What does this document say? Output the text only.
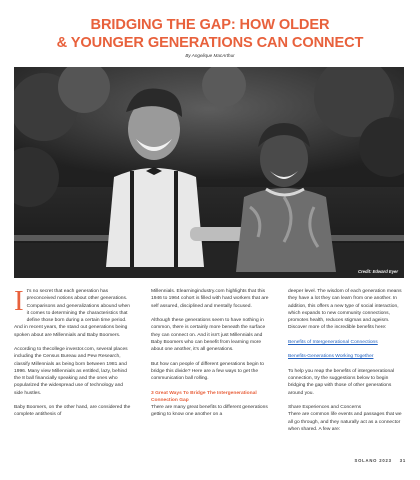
BRIDGING THE GAP: HOW OLDER
& YOUNGER GENERATIONS CAN CONNECT
By Angelique MacArthur
Credit: Edward Eyer

It's no secret that each generation has preconceived notions about other generations. Comparisons and generalizations abound when it comes to determining the characteristics that define those born during a certain time period. And in recent years, the stand out generations being spoken about are Millennials and Baby Boomers.

According to thecollege investor.com, several places including the Census Bureau and Pew Research, classify Millennials as being born between 1981 and 1996. Many view Millennials as entitled, lazy, behind the 8 ball financially speaking and the ones who popularized the widespread use of technology and side hustles.

Baby Boomers, on the other hand, are considered the complete antithesis of

Millennials. Elearningindustry.com highlights that this 1946 to 1964 cohort is filled with hard workers that are self assured, disciplined and mentally focused.

Although these generations seem to have nothing in common, there is certainly more beneath the surface they can connect on. And it isn't just Millennials and Baby Boomers who can benefit from learning more about one another, it's all generations.

But how can people of different generations begin to bridge this divide? Here are a few ways to get the communication ball rolling.

3 Great Ways To Bridge The Intergenerational Connection Gap

There are many great benefits to different generations getting to know one another on a

deeper level. The wisdom of each generation means they have a lot they can learn from one another. In addition, this offers a new type of social interaction, which expands to new community connections, promotes health, reduces stigmas and ageism. Discover more of the incredible benefits here:

Benefits of Intergenerational Connections
Benefits-Generations Working Together

To help you reap the benefits of intergenerational connection, try the suggestions below to begin bridging the gap with those of other generations around you.

Share Experiences and Concerns

There are common life events and passages that we all go through, and they naturally act as a connector when shared. A few are:

SOLANO 2023 31
